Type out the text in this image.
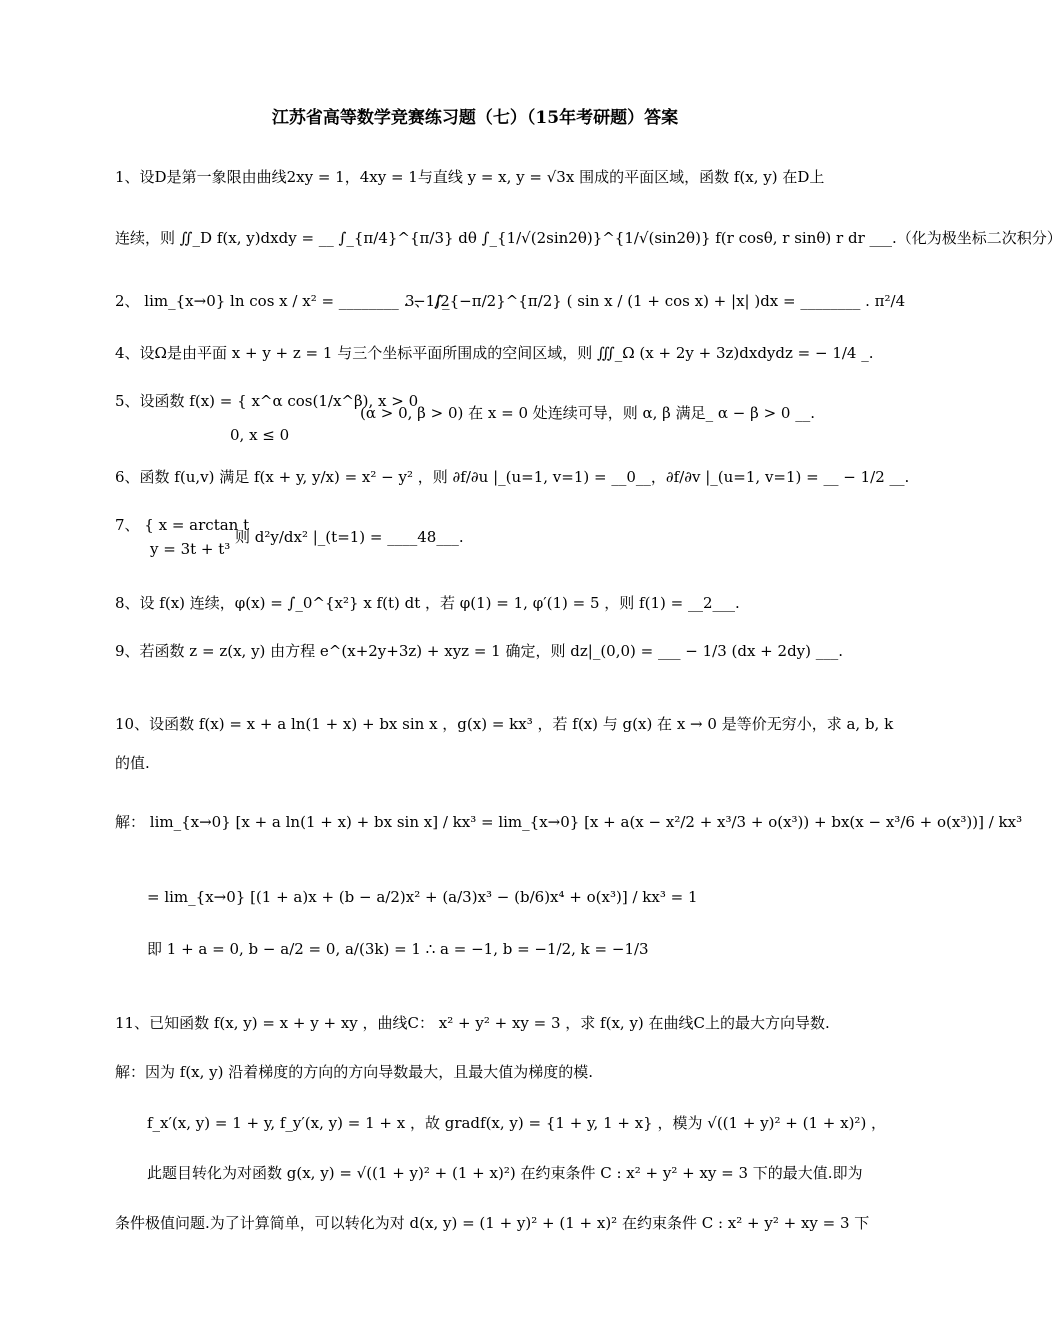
江苏省高等数学竞赛练习题（七）（15年考研题）答案
1、设D是第一象限由曲线2xy = 1，4xy = 1与直线 y = x, y = √3x 围成的平面区域，函数 f(x, y) 在D上
连续，则 ∬_D f(x, y)dxdy = __ ∫_{π/4}^{π/3} dθ ∫_{1/√(2sin2θ)}^{1/√(sin2θ)} f(r cosθ, r sinθ) r dr ___.（化为极坐标二次积分）
2、 lim_{x→0} ln cos x / x² = ________ . −1/2
3、 ∫_{−π/2}^{π/2} ( sin x / (1 + cos x) + |x| )dx = ________ . π²/4
4、设Ω是由平面 x + y + z = 1 与三个坐标平面所围成的空间区域，则 ∭_Ω (x + 2y + 3z)dxdydz = − 1/4 _.
5、设函数 f(x) = { x^α cos(1/x^β), x > 0
(α > 0, β > 0) 在 x = 0 处连续可导，则 α, β 满足_ α − β > 0 __.
0, x ≤ 0
6、函数 f(u,v) 满足 f(x + y, y/x) = x² − y² ，则 ∂f/∂u |_(u=1, v=1) = __0__，∂f/∂v |_(u=1, v=1) = __ − 1/2 __.
7、 { x = arctan t
则 d²y/dx² |_(t=1) = ____48___.
y = 3t + t³
8、设 f(x) 连续，φ(x) = ∫_0^{x²} x f(t) dt ，若 φ(1) = 1, φ′(1) = 5 ，则 f(1) = __2___.
9、若函数 z = z(x, y) 由方程 e^(x+2y+3z) + xyz = 1 确定，则 dz|_(0,0) = ___ − 1/3 (dx + 2dy) ___.
10、设函数 f(x) = x + a ln(1 + x) + bx sin x ，g(x) = kx³ ，若 f(x) 与 g(x) 在 x → 0 是等价无穷小，求 a, b, k
的值.
解： lim_{x→0} [x + a ln(1 + x) + bx sin x] / kx³ = lim_{x→0} [x + a(x − x²/2 + x³/3 + o(x³)) + bx(x − x³/6 + o(x³))] / kx³
= lim_{x→0} [(1 + a)x + (b − a/2)x² + (a/3)x³ − (b/6)x⁴ + o(x³)] / kx³ = 1
即 1 + a = 0, b − a/2 = 0, a/(3k) = 1 ∴ a = −1, b = −1/2, k = −1/3
11、已知函数 f(x, y) = x + y + xy ，曲线C： x² + y² + xy = 3 ，求 f(x, y) 在曲线C上的最大方向导数.
解：因为 f(x, y) 沿着梯度的方向的方向导数最大，且最大值为梯度的模.
f_x′(x, y) = 1 + y, f_y′(x, y) = 1 + x ，故 gradf(x, y) = {1 + y, 1 + x} ，模为 √((1 + y)² + (1 + x)²) ，
此题目转化为对函数 g(x, y) = √((1 + y)² + (1 + x)²) 在约束条件 C : x² + y² + xy = 3 下的最大值.即为
条件极值问题.为了计算简单，可以转化为对 d(x, y) = (1 + y)² + (1 + x)² 在约束条件 C : x² + y² + xy = 3 下
